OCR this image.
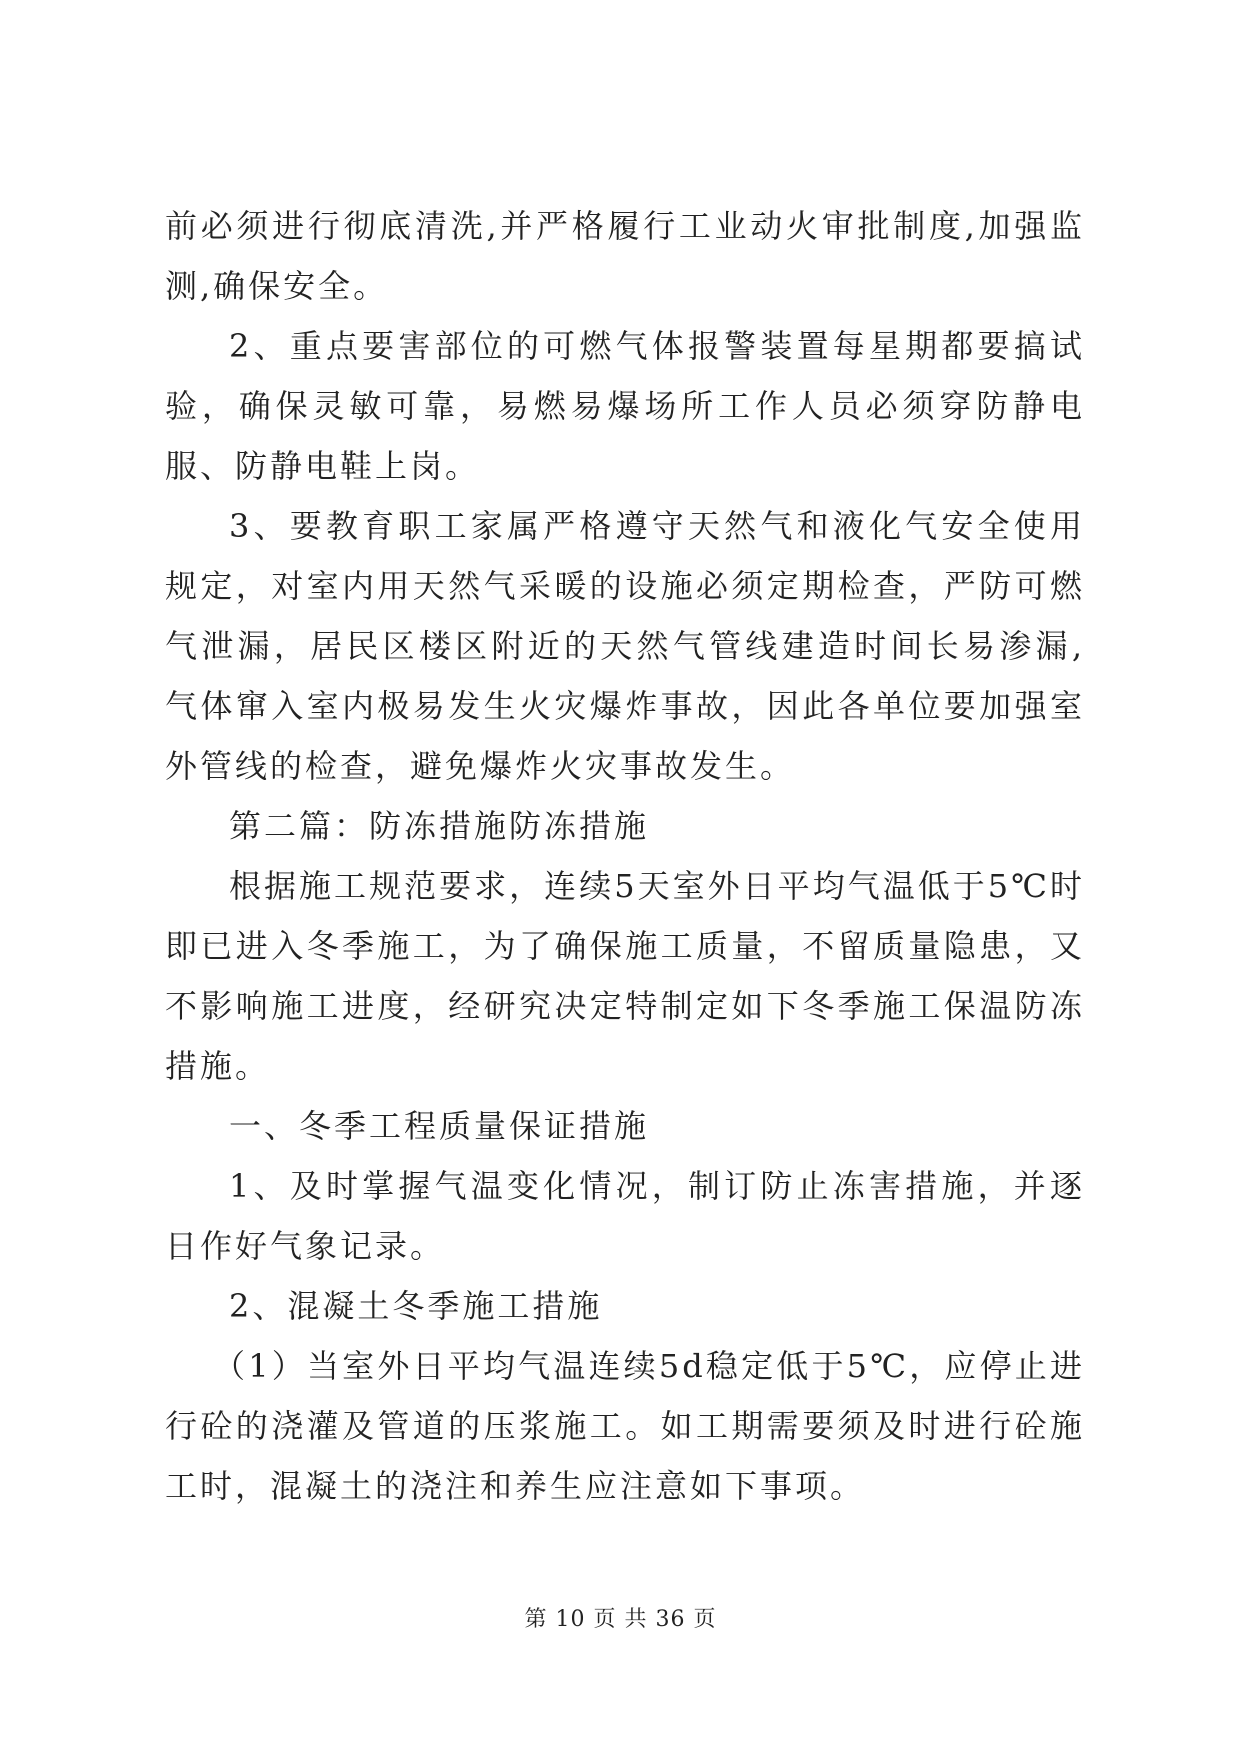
前必须进行彻底清洗,并严格履行工业动火审批制度,加强监测,确保安全。

2、重点要害部位的可燃气体报警装置每星期都要搞试验，确保灵敏可靠，易燃易爆场所工作人员必须穿防静电服、防静电鞋上岗。

3、要教育职工家属严格遵守天然气和液化气安全使用规定，对室内用天然气采暖的设施必须定期检查，严防可燃气泄漏，居民区楼区附近的天然气管线建造时间长易渗漏,气体窜入室内极易发生火灾爆炸事故，因此各单位要加强室外管线的检查，避免爆炸火灾事故发生。

第二篇：防冻措施防冻措施

根据施工规范要求，连续5天室外日平均气温低于5℃时即已进入冬季施工，为了确保施工质量，不留质量隐患，又不影响施工进度，经研究决定特制定如下冬季施工保温防冻措施。

一、冬季工程质量保证措施

1、及时掌握气温变化情况，制订防止冻害措施，并逐日作好气象记录。

2、混凝土冬季施工措施

（1）当室外日平均气温连续5d稳定低于5℃，应停止进行砼的浇灌及管道的压浆施工。如工期需要须及时进行砼施工时，混凝土的浇注和养生应注意如下事项。

第 10 页 共 36 页
